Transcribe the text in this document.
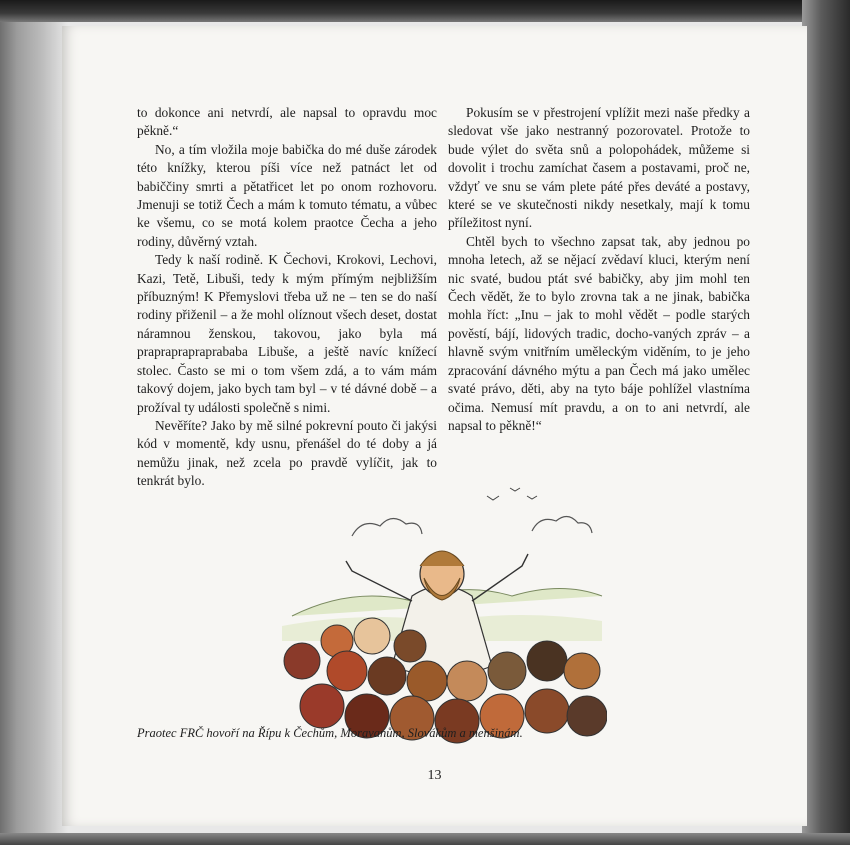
to dokonce ani netvrdí, ale napsal to opravdu moc pěkně.“

No, a tím vložila moje babička do mé duše zárodek této knížky, kterou píši více než patnáct let od babiččiny smrti a pětatřicet let po onom rozhovoru. Jmenuji se totiž Čech a mám k tomuto tématu, a vůbec ke všemu, co se motá kolem praotce Čecha a jeho rodiny, důvěrný vztah.

Tedy k naší rodině. K Čechovi, Krokovi, Lechovi, Kazi, Tetě, Libuši, tedy k mým přímým nejbližším příbuzným! K Přemyslovi třeba už ne – ten se do naší rodiny přiženil – a že mohl olíznout všech deset, dostat náramnou ženskou, takovou, jako byla má prapraprapraprababa Libuše, a ještě navíc knížecí stolec. Často se mi o tom všem zdá, a to vám mám takový dojem, jako bych tam byl – v té dávné době – a prožíval ty události společně s nimi.

Nevěříte? Jako by mě silné pokrevní pouto či jakýsi kód v momentě, kdy usnu, přenášel do té doby a já nemůžu jinak, než zcela po pravdě vylíčit, jak to tenkrát bylo.

Pokusím se v přestrojení vplížit mezi naše předky a sledovat vše jako nestranný pozorovatel. Protože to bude výlet do světa snů a polopohádek, můžeme si dovolit i trochu zamíchat časem a postavami, proč ne, vždyť ve snu se vám plete páté přes deváté a postavy, které se ve skutečnosti nikdy nesetkaly, mají k tomu příležitost nyní.

Chtěl bych to všechno zapsat tak, aby jednou po mnoha letech, až se nějací zvědaví kluci, kterým není nic svaté, budou ptát své babičky, aby jim mohl ten Čech vědět, že to bylo zrovna tak a ne jinak, babička mohla říct: „Inu – jak to mohl vědět – podle starých pověstí, bájí, lidových tradic, docho-vaných zpráv – a hlavně svým vnitřním uměleckým viděním, to je jeho zpracování dávného mýtu a pan Čech má jako umělec svaté právo, děti, aby na tyto báje pohlížel vlastníma očima. Nemusí mít pravdu, a on to ani netvrdí, ale napsal to pěkně!“

Praotec FRČ hovoří na Řípu k Čechům, Moravanům, Slovákům a menšinám.
13
